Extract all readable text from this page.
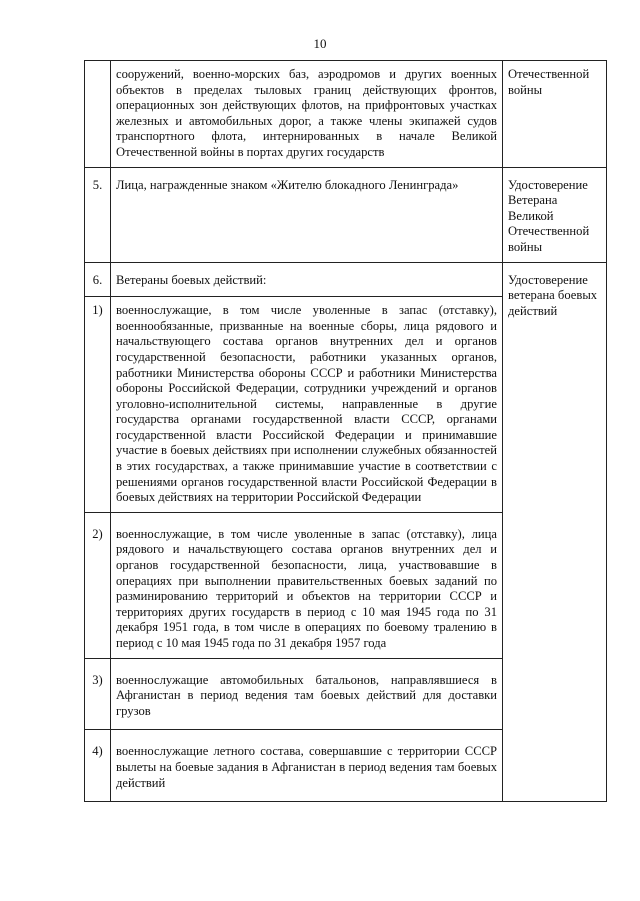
10
	сооружений, военно-морских баз, аэродромов и других военных объектов в пределах тыловых границ действующих фронтов, операционных зон действующих флотов, на прифронтовых участках железных и автомобильных дорог, а также члены экипажей судов транспортного флота, интернированных в начале Великой Отечественной войны в портах других государств	Отечественной войны
5.	Лица, награжденные знаком «Жителю блокадного Ленинграда»	Удостоверение Ветерана Великой Отечественной войны
6.	Ветераны боевых действий:	Удостоверение ветерана боевых действий
1)	военнослужащие, в том числе уволенные в запас (отставку), военнообязанные, призванные на военные сборы, лица рядового и начальствующего состава органов внутренних дел и органов государственной безопасности, работники указанных органов, работники Министерства обороны СССР и работники Министерства обороны Российской Федерации, сотрудники учреждений и органов уголовно-исполнительной системы, направленные в другие государства органами государственной власти СССР, органами государственной власти Российской Федерации и принимавшие участие в боевых действиях при исполнении служебных обязанностей в этих государствах, а также принимавшие участие в соответствии с решениями органов государственной власти Российской Федерации в боевых действиях на территории Российской Федерации	
2)	военнослужащие, в том числе уволенные в запас (отставку), лица рядового и начальствующего состава органов внутренних дел и органов государственной безопасности, лица, участвовавшие в операциях при выполнении правительственных боевых заданий по разминированию территорий и объектов на территории СССР и территориях других государств в период с 10 мая 1945 года по 31 декабря 1951 года, в том числе в операциях по боевому тралению в период с 10 мая 1945 года по 31 декабря 1957 года	
3)	военнослужащие автомобильных батальонов, направлявшиеся в Афганистан в период ведения там боевых действий для доставки грузов	
4)	военнослужащие летного состава, совершавшие с территории СССР вылеты на боевые задания в Афганистан в период ведения там боевых действий	
